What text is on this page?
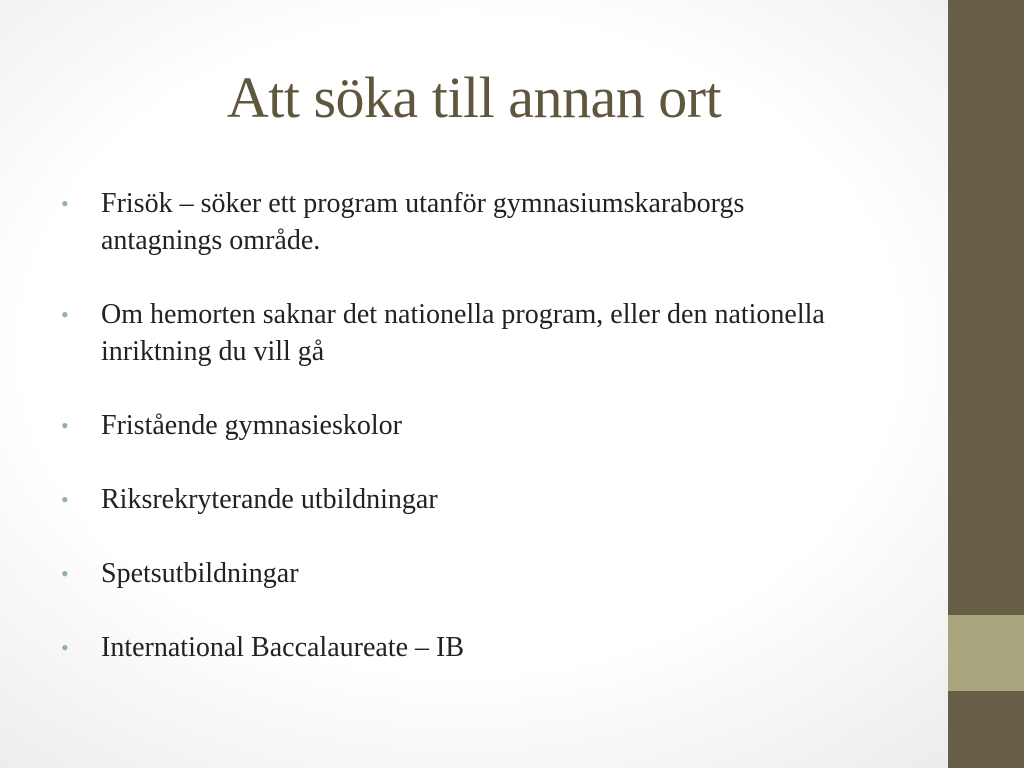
Att söka till annan ort
• Frisök – söker ett program utanför gymnasiumskaraborgs antagnings område.
• Om hemorten saknar det nationella program, eller den nationella inriktning du vill gå
• Fristående gymnasieskolor
• Riksrekryterande utbildningar
• Spetsutbildningar
• International Baccalaureate – IB
